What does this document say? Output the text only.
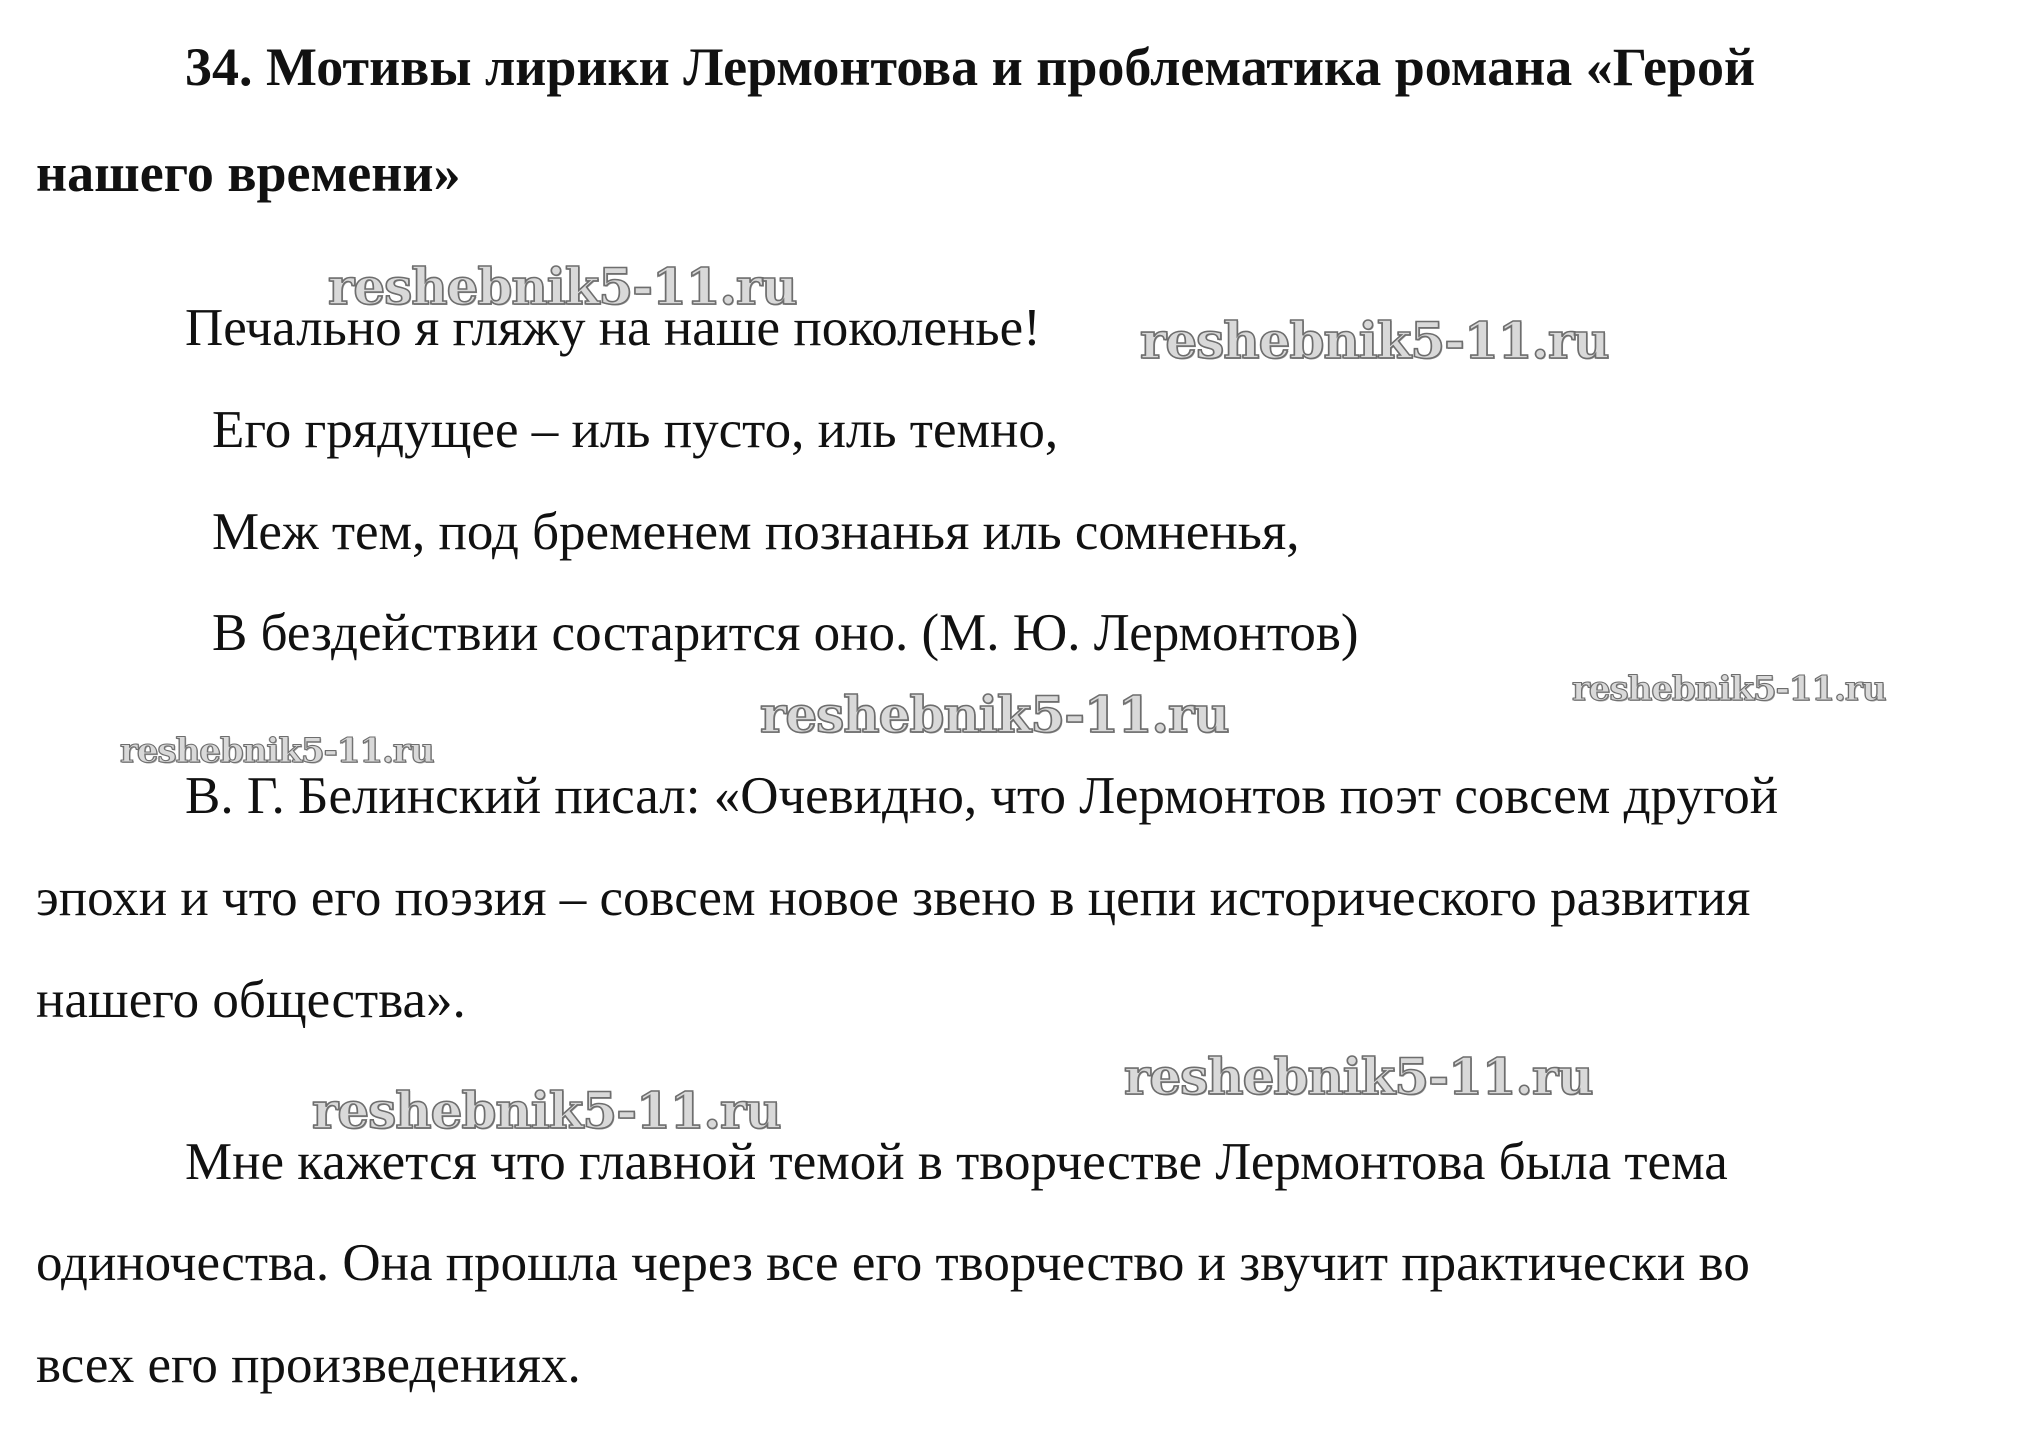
34. Мотивы лирики Лермонтова и проблематика романа «Герой
нашего времени»
Печально я гляжу на наше поколенье!
Его грядущее – иль пусто, иль темно,
Меж тем, под бременем познанья иль сомненья,
В бездействии состарится оно. (М. Ю. Лермонтов)
В. Г. Белинский писал: «Очевидно, что Лермонтов поэт совсем другой
эпохи и что его поэзия – совсем новое звено в цепи исторического развития
нашего общества».
Мне кажется что главной темой в творчестве Лермонтова была тема
одиночества. Она прошла через все его творчество и звучит практически во
всех его произведениях.
reshebnik5-11.ru
reshebnik5-11.ru
reshebnik5-11.ru	reshebnik5-11.ru
reshebnik5-11.ru
reshebnik5-11.ru
reshebnik5-11.ru
